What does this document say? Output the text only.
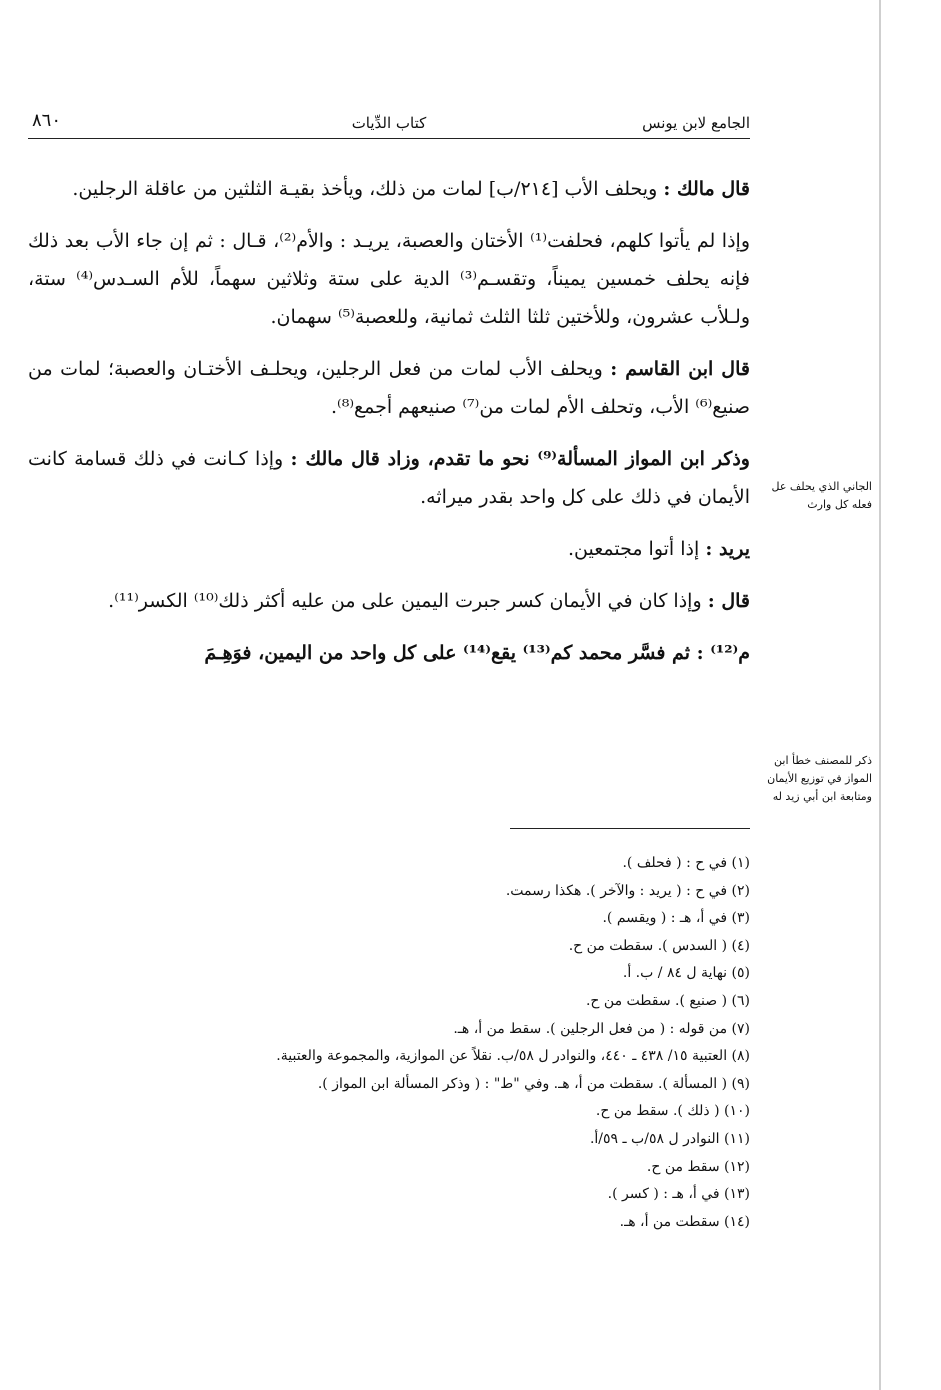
الجامع لابن يونس
كتاب الدِّيات
٨٦٠

قال مالك : ويحلف الأب [٢١٤/ب] لمات من ذلك، ويأخذ بقيـة الثلثين من عاقلة الرجلين.

وإذا لم يأتوا كلهم، فحلفت⁽¹⁾ الأختان والعصبة، يريـد : والأم⁽²⁾، قـال : ثم إن جاء الأب بعد ذلك فإنه يحلف خمسين يميناً، وتقسـم⁽³⁾ الدية على ستة وثلاثين سهماً، للأم السـدس⁽⁴⁾ ستة، ولـلأب عشرون، وللأختين ثلثا الثلث ثمانية، وللعصبة⁽⁵⁾ سهمان.

قال ابن القاسم : ويحلف الأب لمات من فعل الرجلين، ويحلـف الأختـان والعصبة؛ لمات من صنيع⁽⁶⁾ الأب، وتحلف الأم لمات من⁽⁷⁾ صنيعهم أجمع⁽⁸⁾.

وذكر ابن المواز المسألة⁽⁹⁾ نحو ما تقدم، وزاد قال مالك : وإذا كـانت في ذلك قسامة كانت الأيمان في ذلك على كل واحد بقدر ميراثه.

يريد : إذا أتوا مجتمعين.

قال : وإذا كان في الأيمان كسر جبرت اليمين على من عليه أكثر ذلك⁽¹⁰⁾ الكسر⁽¹¹⁾.

م⁽¹²⁾ : ثم فسَّر محمد كم⁽¹³⁾ يقع⁽¹⁴⁾ على كل واحد من اليمين، فوَهِـمَ

الجاني الذي يحلف عل فعله كل وارث
ذكر للمصنف خطأ ابن المواز في توزيع الأيمان ومتابعة ابن أبي زيد له
(١) في ح : ( فحلف ).
(٢) في ح : ( يريد : والآخر ). هكذا رسمت.
(٣) في أ، هـ : ( ويقسم ).
(٤) ( السدس ). سقطت من ح.
(٥) نهاية ل ٨٤ / ب. أ.
(٦) ( صنيع ). سقطت من ح.
(٧) من قوله : ( من فعل الرجلين ). سقط من أ، هـ.
(٨) العتبية ١٥/ ٤٣٨ ـ ٤٤٠، والنوادر ل ٥٨/ب. نقلاً عن الموازية، والمجموعة والعتبية.
(٩) ( المسألة ). سقطت من أ، هـ. وفي "ط" : ( وذكر المسألة ابن المواز ).
(١٠) ( ذلك ). سقط من ح.
(١١) النوادر ل ٥٨/ب ـ ٥٩/أ.
(١٢) سقط من ح.
(١٣) في أ، هـ : ( كسر ).
(١٤) سقطت من أ، هـ.
